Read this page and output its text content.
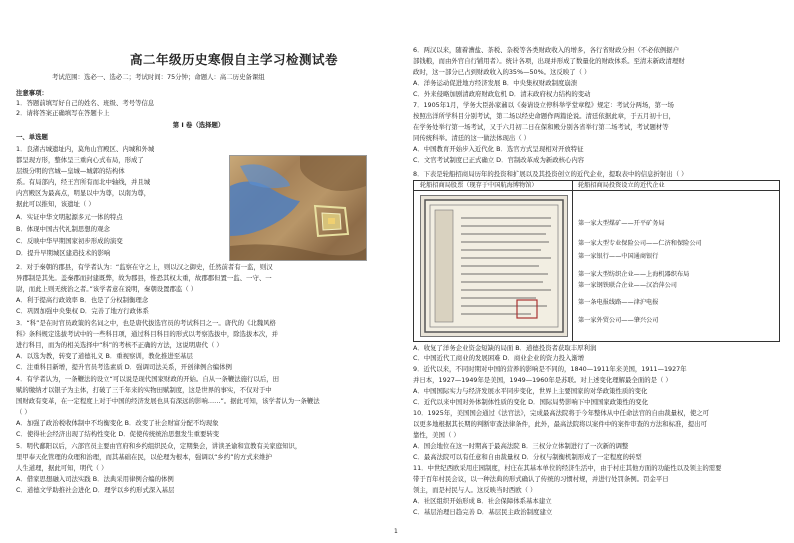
高二年级历史寒假自主学习检测试卷
考试范围：选必一、选必二；考试时间：75分钟；命题人：高二历史备课组
注意事项：
1．答题前填写好自己的姓名、班级、考号等信息
2．请将答案正确填写在答题卡上
第 I 卷（选择题）
一、单选题
1．良渚古城遗址内，莫角山宫殿区、内城和外城
都呈现方形，整体呈三重向心式布局，形成了
层级分明的宫城—皇城—城郭的结构体
系。有局部内，经王宫所有而北中轴线，并且城
内宫殿区为最高点，明显以中为尊，以南为尊，
据此可以推知，该遗址（ ）
A．实证中华文明起源多元一体的特点
B．体现中国古代礼制思想的观念
C．反映中华早期国家初步形成的演变
D．提升早期城区建造技术的影响
2．对于秦朝的郡县，有学者认为：“监察在守之上，则以汉之御史，任然前者有一监，则汉
异郡制是其先。盖秦郡而封建既弊，故为郡县，惟恐其权太重，故郡郡但置一监、一守、一
尉，而此上则无统治之者。”该学者意在说明，秦朝设置郡监（ ）
A．利于提高行政效率 B．也是了分权制衡理念
C．巩固加强中央集权 D．完善了地方行政体系
3．“科”是在时官员政策的名词之中，也是唐代拔选官员的考试科目之一。唐代的《北魏风格
科》条科规定选拔考试中的一些科目项，通过科目科目的形式以考察选拔中，除选拔本次，并
进行科目，而为的相关选择中“科”的考核不正确的方法，这说明唐代（ ）
A．以选为教，转变了道德礼义 B．重视察训，教化推进至基层
C．注重科目新增，提升官员考选素质 D．强调司法关系，开创律例合编体例
4．有学者认为，一条鞭法的设立“可以说是现代国家财政的开始。自从一条鞭法施行以后，田
赋的缴纳才以银子为主体，打破了三千年来的实物田赋制度，这是世界的事实，不仅对于中
国财政有变革，在一定程度上对于中国的经济发展也具有深远的影响……”。据此可知，该学者认为一条鞭法
（ ）
A．加强了政治税收体制中不均衡变化 B．改变了社会财富分配不均现象
C．使得社会经济出现了结构性变化 D．促使传统统治思想发生重要转变
5．明代鄱阳以后，六部官员主要由官府和乡约组织民众，定期集会，讲读圣谕和宣教有关家庭知识，
里甲奉天化管理的众理和治理，而其基础在民，以伦理为根本，强调以“乡约”的方式来维护
人生道理，据此可知，明代（ ）
A．借家思想融入司法实践 B．法典采用律例合编的体例
C．道德文学助推社会进化 D．理学以乡约形式深入基层
6．两汉以来，随着漕盐、茶税、杂税等各类财政收入的增多，各行省财政分担（不必依例据户
部钱粮，而由外官自行铺用者）。统计各项，出现并形成了数量化的财政体系。至清末新政清理财
政时，这一部分已占到财政收入的35%—50%。这反映了（ ）
A．洋务运动促进地方经济发展 B．中央集权财政制度崩溃
C．外来侵略加剧清政府财政危机 D．清末政府权力结构的变动
7．1905年1月，学务大臣孙家鼐以《奏请设立停科举学堂章程》规定：考试分两场，第一场
按照出洋所学科目分别考试，第二场以经史命题作两篇论说。清廷依据此章，于五月初十日，
在学务处举行第一场考试，又于六月初二日在保和殿分别各省举行第二场考试，考试题材等
同传统科举。清廷的这一做法体现出（ ）
A．中国教育开始步入近代化 B．选官方式呈现相对开放特征
C．文官考试制度已正式确立 D．官制改革成为新政核心内容
8．下表是轮船招商局历年的投资和扩展以及其投资创立的近代企业，提取表中的信息折射出（ ）
轮船招商局股票（现存于中国航海博物馆）	轮船招商局投资设立的近代企业
第一家大型煤矿——开平矿务局
第一家大型专业保险公司——仁济和保险公司
第一家银行——中国通商银行
第一家大型纺织企业——上海机器织布局
第一家钢铁联合企业——汉冶萍公司
第一条电报线路——津沪电报
第一家外贸公司——肇兴公司
A．收复了洋务企业资金短缺的局面 B．道德投资者获取丰厚利润
C．中国近代工商业的发展困难 D．商业企业的资力投入渐增
9．近代以来，不同时期对中国的营养的影响是不同的，1840—1911年来美国，1911—1927年
并日本，1927—1949年是美国，1949—1960年是苏联。对上述变化理解最全面的是（ ）
A．中国国际实力与经济发展水平同步变化，世界上主要国家的对华政策性质的变化
C．近代以来中国对外体制体性质的变化 D．国际局势影响下中国国家政策性的变化
10．1925年，美国国会通过《法官法》，完成最高法院将于今年整体从中任命法官的自由裁量权，使之可
以更多地根据其长期的判断审查法律条件，此外，最高法院将以案件中的案件审查的方法和标准，提出可
靠性，美国（ ）
A．国会地位在这一时期高于最高法院 B．三权分立体制进行了一次新的调整
C．最高法院可以有任意和自由裁量权 D．分权与制衡机制形成了一定程度的转型
11．中世纪西欧采用庄园制度，村庄在其基本单位的经济生活中，由于村庄其他方面的功能性以及领主的需要
带于百年村民会议，以一种法典的形式确认了传统的习惯村规，并进行处罚条例。罚金平日
领主，而是村民与人。这反映当时西欧（ ）
A．社区组织开始形成 B．社会保障体系基本建立
C．基层治理日趋完善 D．基层民主政治制度建立
1
